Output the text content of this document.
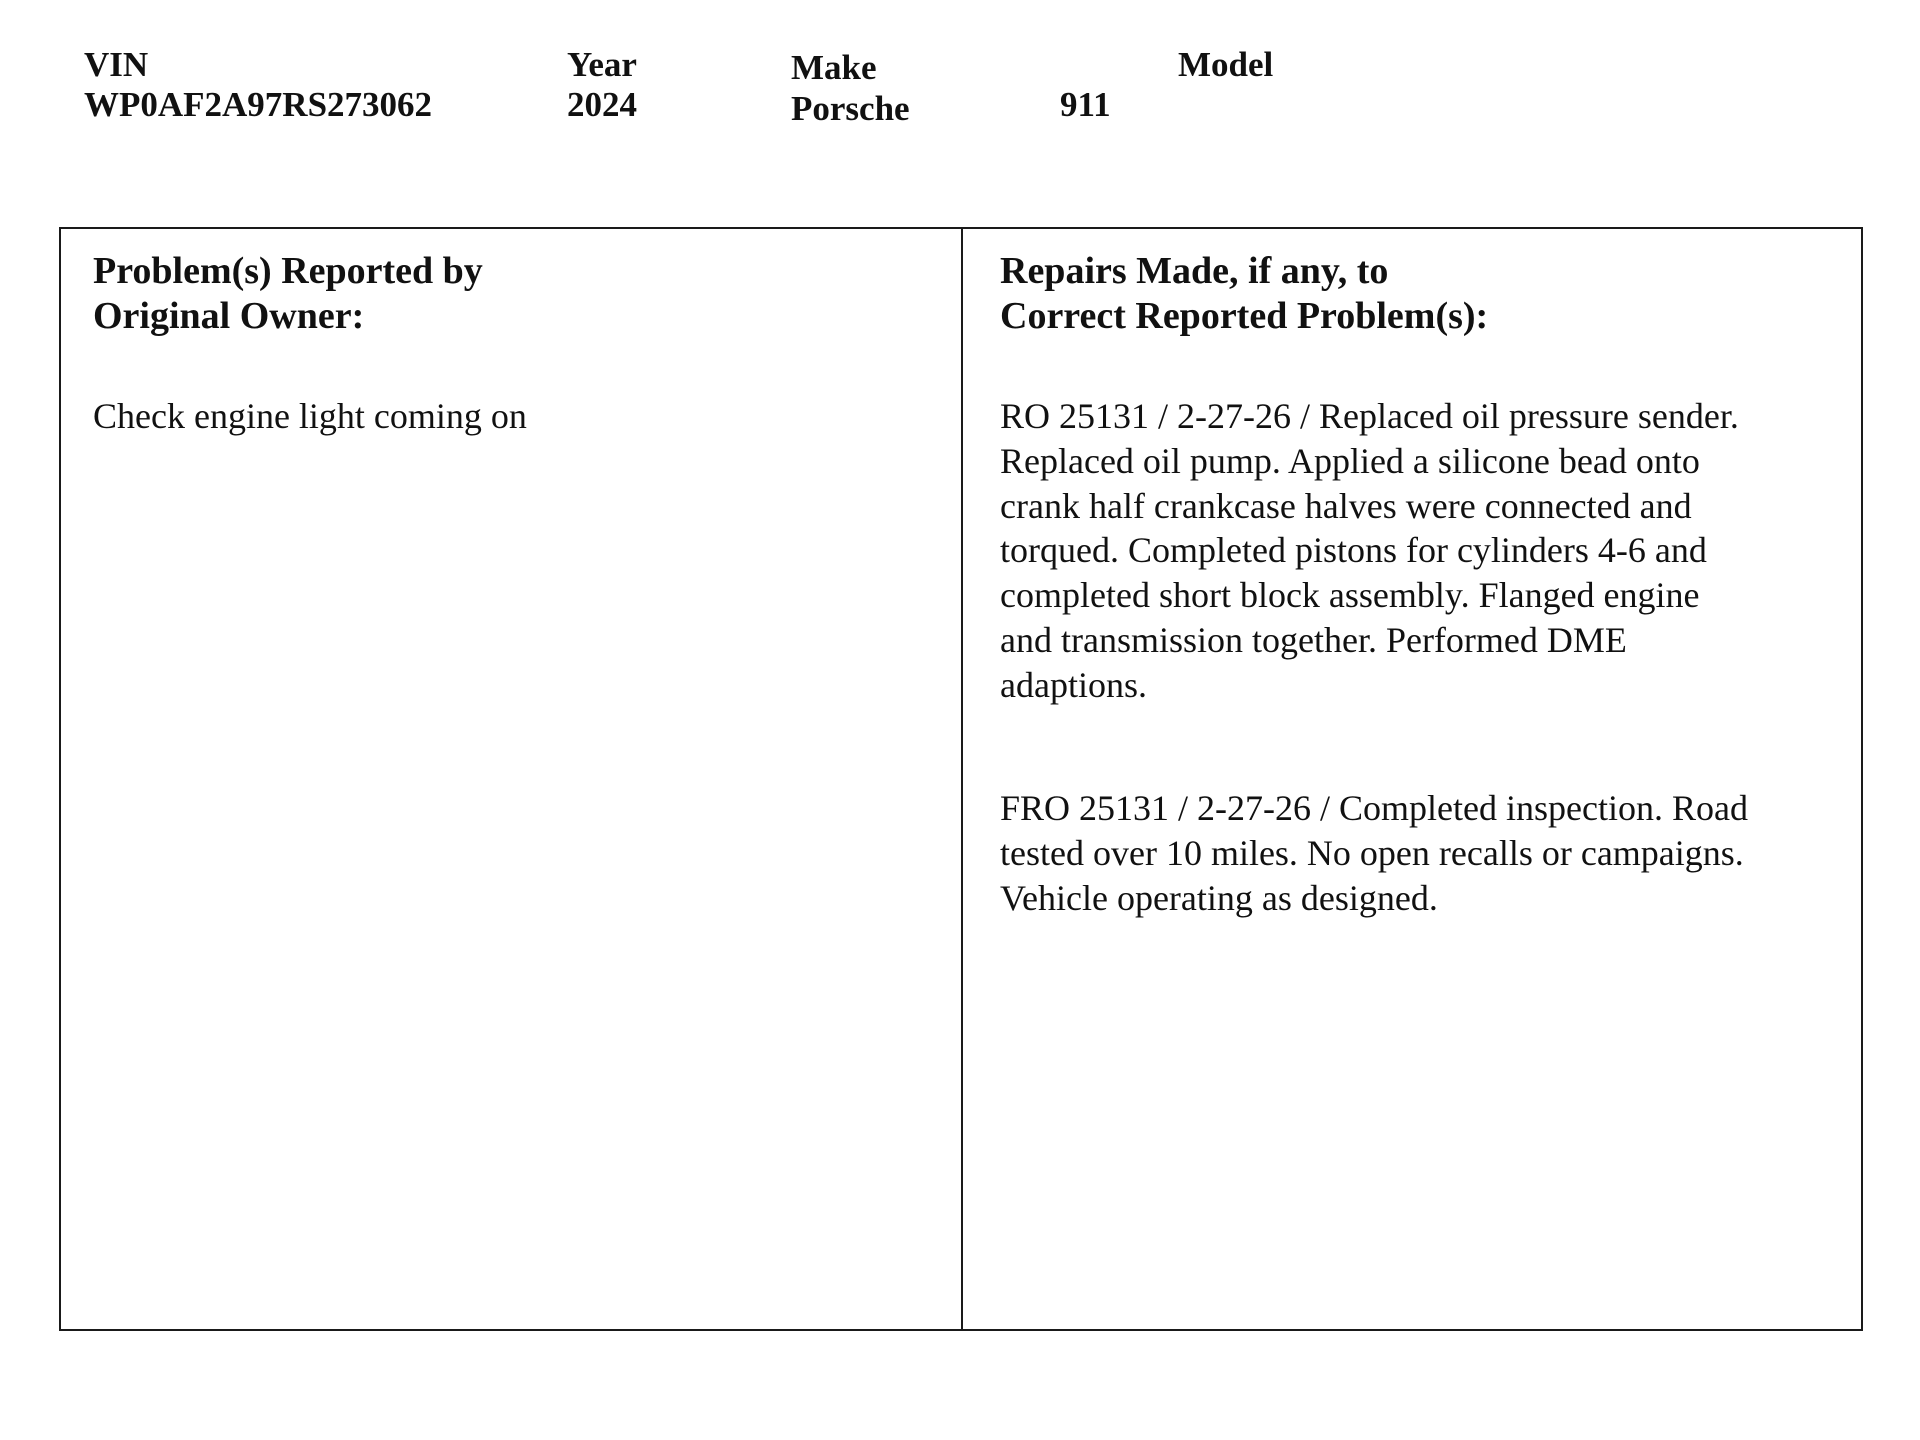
VIN
WP0AF2A97RS273062
Year
2024
Make
Porsche
Model
911
Problem(s) Reported by
Original Owner:
Check engine light coming on
Repairs Made, if any, to
Correct Reported Problem(s):
RO 25131 / 2-27-26 / Replaced oil pressure sender.
Replaced oil pump. Applied a silicone bead onto
crank half crankcase halves were connected and
torqued. Completed pistons for cylinders 4-6 and
completed short block assembly. Flanged engine
and transmission together. Performed DME
adaptions.
FRO 25131 / 2-27-26 / Completed inspection. Road
tested over 10 miles. No open recalls or campaigns.
Vehicle operating as designed.
